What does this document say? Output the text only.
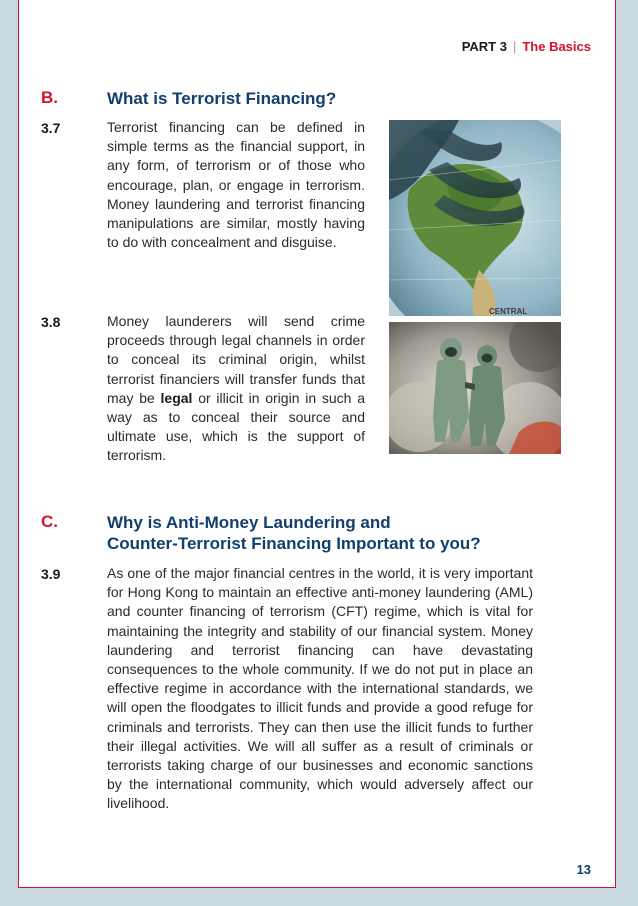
PART 3 | The Basics
B.	What is Terrorist Financing?
3.7	Terrorist financing can be defined in simple terms as the financial support, in any form, of terrorism or of those who encourage, plan, or engage in terrorism. Money laundering and terrorist financing manipulations are similar, mostly having to do with concealment and disguise.
CENTRAL
3.8	Money launderers will send crime proceeds through legal channels in order to conceal its criminal origin, whilst terrorist financiers will transfer funds that may be legal or illicit in origin in such a way as to conceal their source and ultimate use, which is the support of terrorism.
C.	Why is Anti-Money Laundering and
Counter-Terrorist Financing Important to you?
3.9	As one of the major financial centres in the world, it is very important for Hong Kong to maintain an effective anti-money laundering (AML) and counter financing of terrorism (CFT) regime, which is vital for maintaining the integrity and stability of our financial system. Money laundering and terrorist financing can have devastating consequences to the whole community. If we do not put in place an effective regime in accordance with the international standards, we will open the floodgates to illicit funds and provide a good refuge for criminals and terrorists. They can then use the illicit funds to further their illegal activities. We will all suffer as a result of criminals or terrorists taking charge of our businesses and economic sanctions by the international community, which would adversely affect our livelihood.
13
